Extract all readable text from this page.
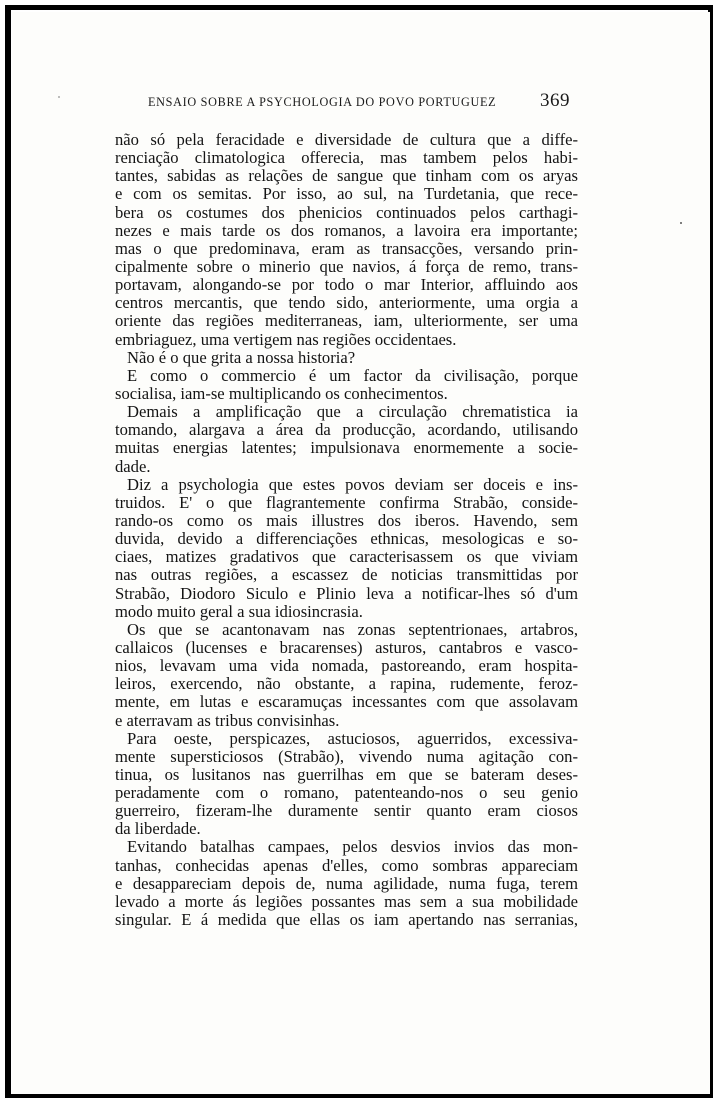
ENSAIO SOBRE A PSYCHOLOGIA DO POVO PORTUGUEZ 369
não só pela feracidade e diversidade de cultura que a diffe-
renciação climatologica offerecia, mas tambem pelos habi-
tantes, sabidas as relações de sangue que tinham com os aryas
e com os semitas. Por isso, ao sul, na Turdetania, que rece-
bera os costumes dos phenicios continuados pelos carthagi-
nezes e mais tarde os dos romanos, a lavoira era importante;
mas o que predominava, eram as transacções, versando prin-
cipalmente sobre o minerio que navios, á força de remo, trans-
portavam, alongando-se por todo o mar Interior, affluindo aos
centros mercantis, que tendo sido, anteriormente, uma orgia a
oriente das regiões mediterraneas, iam, ulteriormente, ser uma
embriaguez, uma vertigem nas regiões occidentaes.
Não é o que grita a nossa historia?
E como o commercio é um factor da civilisação, porque
socialisa, iam-se multiplicando os conhecimentos.
Demais a amplificação que a circulação chrematistica ia
tomando, alargava a área da producção, acordando, utilisando
muitas energias latentes; impulsionava enormemente a socie-
dade.
Diz a psychologia que estes povos deviam ser doceis e ins-
truidos. E' o que flagrantemente confirma Strabão, conside-
rando-os como os mais illustres dos iberos. Havendo, sem
duvida, devido a differenciações ethnicas, mesologicas e so-
ciaes, matizes gradativos que caracterisassem os que viviam
nas outras regiões, a escassez de noticias transmittidas por
Strabão, Diodoro Siculo e Plinio leva a notificar-lhes só d'um
modo muito geral a sua idiosincrasia.
Os que se acantonavam nas zonas septentrionaes, artabros,
callaicos (lucenses e bracarenses) asturos, cantabros e vasco-
nios, levavam uma vida nomada, pastoreando, eram hospita-
leiros, exercendo, não obstante, a rapina, rudemente, feroz-
mente, em lutas e escaramuças incessantes com que assolavam
e aterravam as tribus convisinhas.
Para oeste, perspicazes, astuciosos, aguerridos, excessiva-
mente supersticiosos (Strabão), vivendo numa agitação con-
tinua, os lusitanos nas guerrilhas em que se bateram deses-
peradamente com o romano, patenteando-nos o seu genio
guerreiro, fizeram-lhe duramente sentir quanto eram ciosos
da liberdade.
Evitando batalhas campaes, pelos desvios invios das mon-
tanhas, conhecidas apenas d'elles, como sombras appareciam
e desappareciam depois de, numa agilidade, numa fuga, terem
levado a morte ás legiões possantes mas sem a sua mobilidade
singular. E á medida que ellas os iam apertando nas serranias,
